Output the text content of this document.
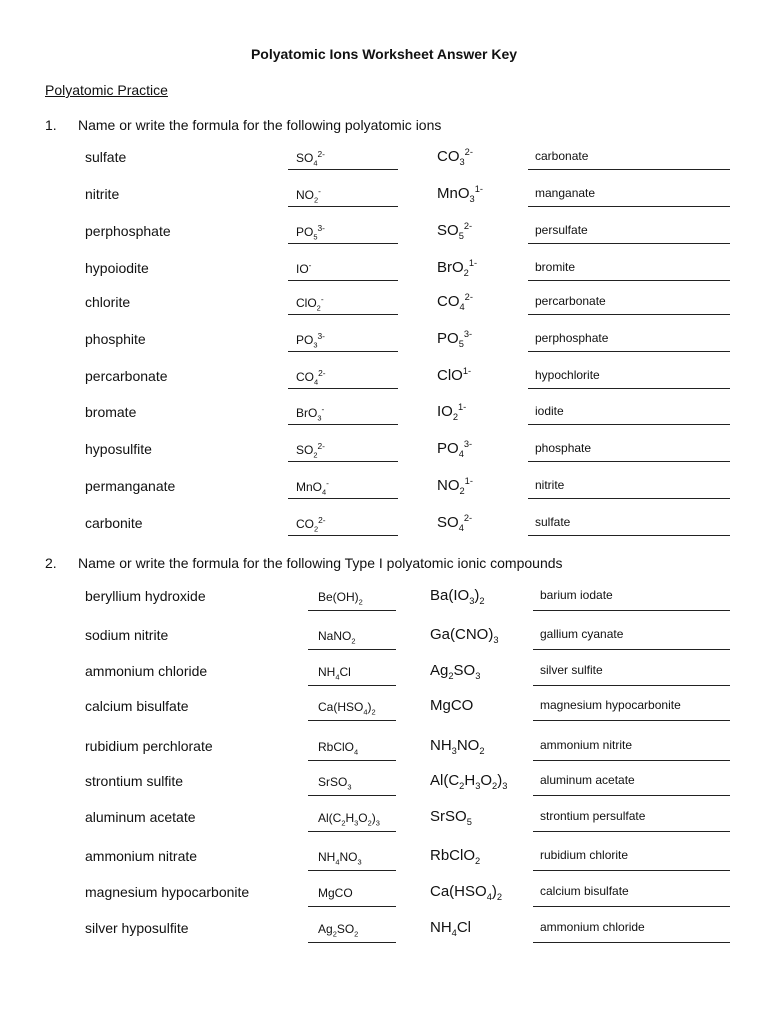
Polyatomic Ions Worksheet Answer Key
Polyatomic Practice
1. Name or write the formula for the following polyatomic ions
sulfate	$SO_4^{2-}$	$CO_3^{2-}$	carbonate
nitrite	$NO_2^-$	MnO$_3^{1-}$	manganate
perphosphate	$PO_5^{3-}$	$SO_5^{2-}$	persulfate
hypoiodite	IO-	BrO$_2^{1-}$	bromite
chlorite	ClO$_2$-	$CO_4^{2-}$	percarbonate
phosphite	$PO_3^{3-}$	$PO_5^{3-}$	perphosphate
percarbonate	$CO_4^{2-}$	ClO$^{1-}$	hypochlorite
bromate	BrO$_3$-	$IO_2^{1-}$	iodite
hyposulfite	$SO_2^{2-}$	$PO_4^{3-}$	phosphate
permanganate	MnO$_4$-	$NO_2^{1-}$	nitrite
carbonite	$CO_2^{2-}$	$SO_4^{2-}$	sulfate
2. Name or write the formula for the following Type I polyatomic ionic compounds
beryllium hydroxide	$Be(OH)_2$	$Ba(IO_3)_2$	barium iodate
sodium nitrite	NaNO$_2$	$Ga(CNO)_3$	gallium cyanate
ammonium chloride	$NH_4Cl$	$Ag_2SO_3$	silver sulfite
calcium bisulfate	$Ca(HSO_4)_2$	MgCO	magnesium hypocarbonite
rubidium perchlorate	RbClO$_4$	$NH_3NO_2$	ammonium nitrite
strontium sulfite	SrSO$_3$	$Al(C_2H_3O_2)_3$	aluminum acetate
aluminum acetate	$Al(C_2H_3O_2)_3$	SrSO$_5$	strontium persulfate
ammonium nitrate	$NH_4NO_3$	RbClO$_2$	rubidium chlorite
magnesium hypocarbonite	MgCO	$Ca(HSO_4)_2$	calcium bisulfate
silver hyposulfite	$Ag_2SO_2$	$NH_4Cl$	ammonium chloride
